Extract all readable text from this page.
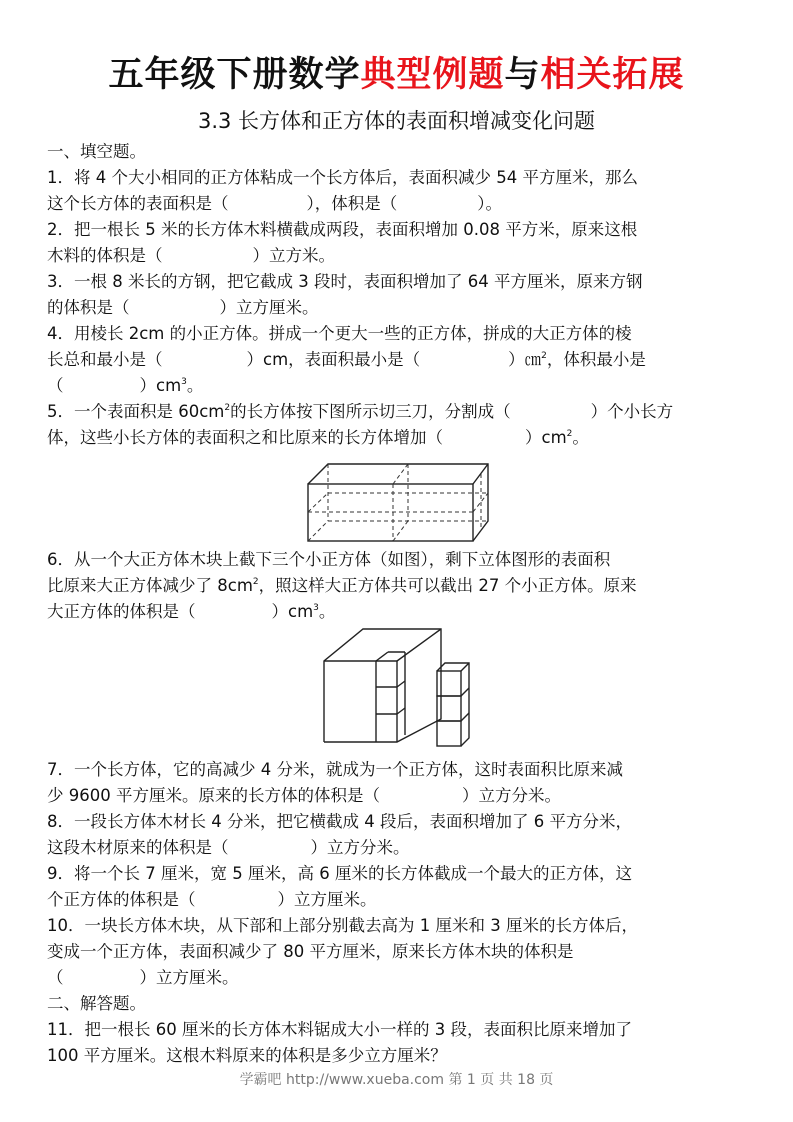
五年级下册数学典型例题与相关拓展
3.3 长方体和正方体的表面积增减变化问题
一、填空题。
1．将 4 个大小相同的正方体粘成一个长方体后，表面积减少 54 平方厘米，那么
这个长方体的表面积是（	），体积是（	）。
2．把一根长 5 米的长方体木料横截成两段，表面积增加 0.08 平方米，原来这根
木料的体积是（	）立方米。
3．一根 8 米长的方钢，把它截成 3 段时，表面积增加了 64 平方厘米，原来方钢
的体积是（	）立方厘米。
4．用棱长 2cm 的小正方体。拼成一个更大一些的正方体，拼成的大正方体的棱
长总和最小是（	）cm，表面积最小是（	）㎝$^2$，体积最小是
（	）$cm^3$。
5．一个表面积是 $60cm^2$的长方体按下图所示切三刀，分割成（	）个小长方
体，这些小长方体的表面积之和比原来的长方体增加（	）$cm^2$。
6．从一个大正方体木块上截下三个小正方体（如图），剩下立体图形的表面积
比原来大正方体减少了 $8cm^2$，照这样大正方体共可以截出 27 个小正方体。原来
大正方体的体积是（	）$cm^3$。
7．一个长方体，它的高减少 4 分米，就成为一个正方体，这时表面积比原来减
少 9600 平方厘米。原来的长方体的体积是（	）立方分米。
8．一段长方体木材长 4 分米，把它横截成 4 段后，表面积增加了 6 平方分米，
这段木材原来的体积是（	）立方分米。
9．将一个长 7 厘米，宽 5 厘米，高 6 厘米的长方体截成一个最大的正方体，这
个正方体的体积是（	）立方厘米。
10．一块长方体木块，从下部和上部分别截去高为 1 厘米和 3 厘米的长方体后，
变成一个正方体，表面积减少了 80 平方厘米，原来长方体木块的体积是
（	）立方厘米。
二、解答题。
11．把一根长 60 厘米的长方体木料锯成大小一样的 3 段，表面积比原来增加了
100 平方厘米。这根木料原来的体积是多少立方厘米？
学霸吧 http://www.xueba.com 第 1 页 共 18 页
